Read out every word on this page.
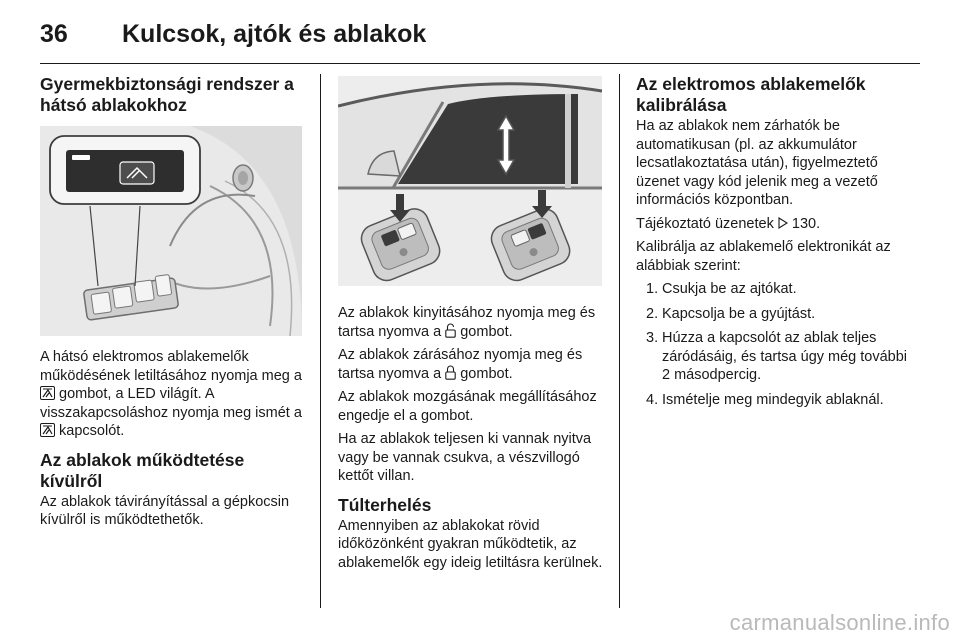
36 Kulcsok, ajtók és ablakok
Gyermekbiztonsági rendszer a hátsó ablakokhoz

A hátsó elektromos ablakemelők működésének letiltásához nyomja meg a  gombot, a LED világít. A visszakapcsoláshoz nyomja meg ismét a  kapcsolót.

Az ablakok működtetése kívülről

Az ablakok távirányítással a gépkocsin kívülről is működtethetők.

Az ablakok kinyitásához nyomja meg és tartsa nyomva a gombot.

Az ablakok zárásához nyomja meg és tartsa nyomva a gombot.

Az ablakok mozgásának megállításához engedje el a gombot.

Ha az ablakok teljesen ki vannak nyitva vagy be vannak csukva, a vészvillogó kettőt villan.

Túlterhelés

Amennyiben az ablakokat rövid időközönként gyakran működtetik, az ablakemelők egy ideig letiltásra kerülnek.

Az elektromos ablakemelők kalibrálása

Ha az ablakok nem zárhatók be automatikusan (pl. az akkumulátor lecsatlakoztatása után), figyelmeztető üzenet vagy kód jelenik meg a vezető információs központban.

Tájékoztató üzenetek 130.

Kalibrálja az ablakemelő elektronikát az alábbiak szerint:

1. Csukja be az ajtókat.
2. Kapcsolja be a gyújtást.
3. Húzza a kapcsolót az ablak teljes záródásáig, és tartsa úgy még további 2 másodpercig.
4. Ismételje meg mindegyik ablaknál.
carmanualsonline.info
